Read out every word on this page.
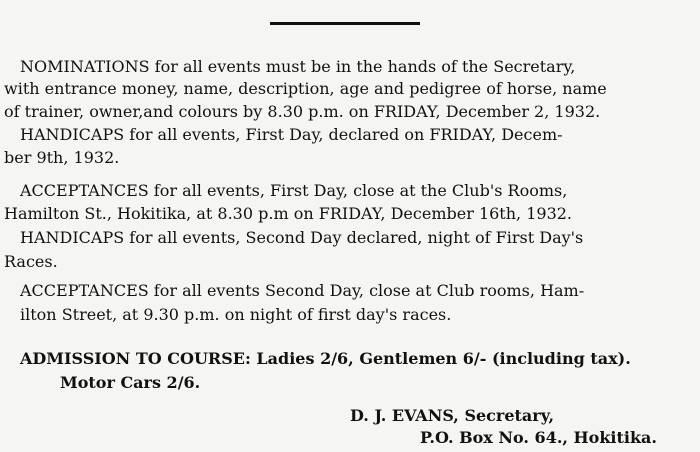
NOMINATIONS for all events must be in the hands of the Secretary,
with entrance money, name, description, age and pedigree of horse, name
of trainer, owner,and colours by 8.30 p.m. on FRIDAY, December 2, 1932.
HANDICAPS for all events, First Day, declared on FRIDAY, Decem-
ber 9th, 1932.
ACCEPTANCES for all events, First Day, close at the Club's Rooms,
Hamilton St., Hokitika, at 8.30 p.m on FRIDAY, December 16th, 1932.
HANDICAPS for all events, Second Day declared, night of First Day's
Races.
ACCEPTANCES for all events Second Day, close at Club rooms, Ham-
ilton Street, at 9.30 p.m. on night of first day's races.
ADMISSION TO COURSE: Ladies 2/6, Gentlemen 6/- (including tax).
Motor Cars 2/6.
D. J. EVANS, Secretary,
P.O. Box No. 64., Hokitika.
